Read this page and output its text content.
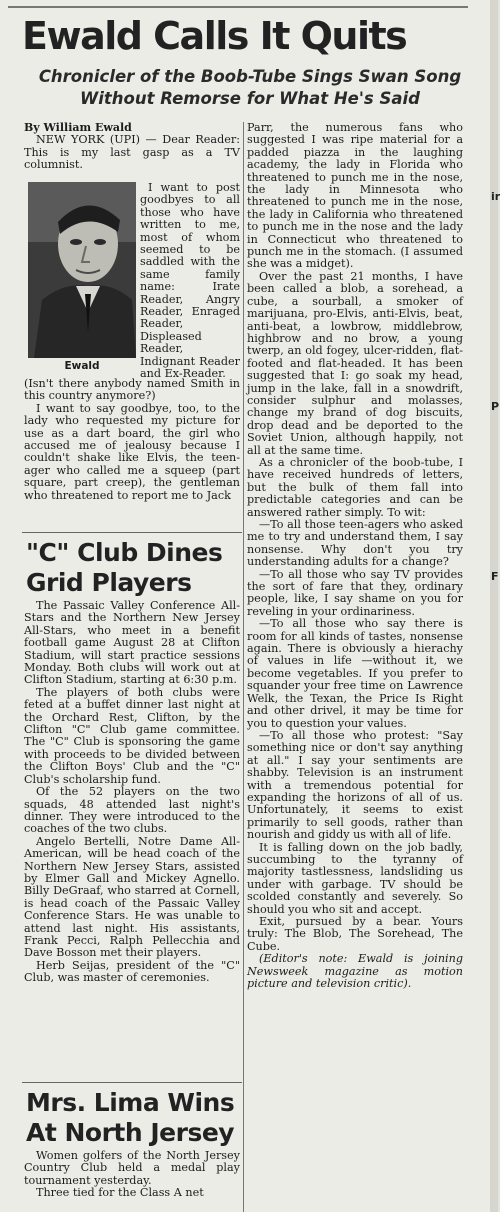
Ewald Calls It Quits
Chronicler of the Boob-Tube Sings Swan Song Without Remorse for What He's Said

By William Ewald

NEW YORK (UPI) — Dear Reader: This is my last gasp as a TV columnist.

Ewald
I want to post goodbyes to all those who have written to me, most of whom seemed to be saddled with the same family name: Irate Reader, Angry Reader, Enraged Reader, Displeased Reader, Indignant Reader and Ex-Reader.

(Isn't there anybody named Smith in this country anymore?)

I want to say goodbye, too, to the lady who requested my picture for use as a dart board, the girl who accused me of jealousy because I couldn't shake like Elvis, the teen-ager who called me a squeep (part square, part creep), the gentleman who threatened to report me to Jack

"C" Club Dines Grid Players

The Passaic Valley Conference All-Stars and the Northern New Jersey All-Stars, who meet in a benefit football game August 28 at Clifton Stadium, will start practice sessions Monday. Both clubs will work out at Clifton Stadium, starting at 6:30 p.m.

The players of both clubs were feted at a buffet dinner last night at the Orchard Rest, Clifton, by the Clifton "C" Club game committee. The "C" Club is sponsoring the game with proceeds to be divided between the Clifton Boys' Club and the "C" Club's scholarship fund.

Of the 52 players on the two squads, 48 attended last night's dinner. They were introduced to the coaches of the two clubs.

Angelo Bertelli, Notre Dame All-American, will be head coach of the Northern New Jersey Stars, assisted by Elmer Gall and Mickey Agnello. Billy DeGraaf, who starred at Cornell, is head coach of the Passaic Valley Conference Stars. He was unable to attend last night. His assistants, Frank Pecci, Ralph Pellecchia and Dave Bosson met their players.

Herb Seijas, president of the "C" Club, was master of ceremonies.

Mrs. Lima Wins At North Jersey

Women golfers of the North Jersey Country Club held a medal play tournament yesterday.

Three tied for the Class A net

Parr, the numerous fans who suggested I was ripe material for a padded piazza in the laughing academy, the lady in Florida who threatened to punch me in the nose, the lady in Minnesota who threatened to punch me in the nose, the lady in California who threatened to punch me in the nose and the lady in Connecticut who threatened to punch me in the stomach. (I assumed she was a midget).

Over the past 21 months, I have been called a blob, a sorehead, a cube, a sourball, a smoker of marijuana, pro-Elvis, anti-Elvis, beat, anti-beat, a lowbrow, middlebrow, highbrow and no brow, a young twerp, an old fogey, ulcer-ridden, flat-footed and flat-headed. It has been suggested that I: go soak my head, jump in the lake, fall in a snowdrift, consider sulphur and molasses, change my brand of dog biscuits, drop dead and be deported to the Soviet Union, although happily, not all at the same time.

As a chronicler of the boob-tube, I have received hundreds of letters, but the bulk of them fall into predictable categories and can be answered rather simply. To wit:

—To all those teen-agers who asked me to try and understand them, I say nonsense. Why don't you try understanding adults for a change?

—To all those who say TV provides the sort of fare that they, ordinary people, like, I say shame on you for reveling in your ordinariness.

—To all those who say there is room for all kinds of tastes, nonsense again. There is obviously a hierachy of values in life —without it, we become vegetables. If you prefer to squander your free time on Lawrence Welk, the Texan, the Price Is Right and other drivel, it may be time for you to question your values.

—To all those who protest: "Say something nice or don't say anything at all." I say your sentiments are shabby. Television is an instrument with a tremendous potential for expanding the horizons of all of us. Unfortunately, it seems to exist primarily to sell goods, rather than nourish and giddy us with all of life.

It is falling down on the job badly, succumbing to the tyranny of majority tastlessness, landsliding us under with garbage. TV should be scolded constantly and severely. So should you who sit and accept.

Exit, pursued by a bear. Yours truly: The Blob, The Sorehead, The Cube.

(Editor's note: Ewald is joining Newsweek magazine as motion picture and television critic).

ir
P
F
